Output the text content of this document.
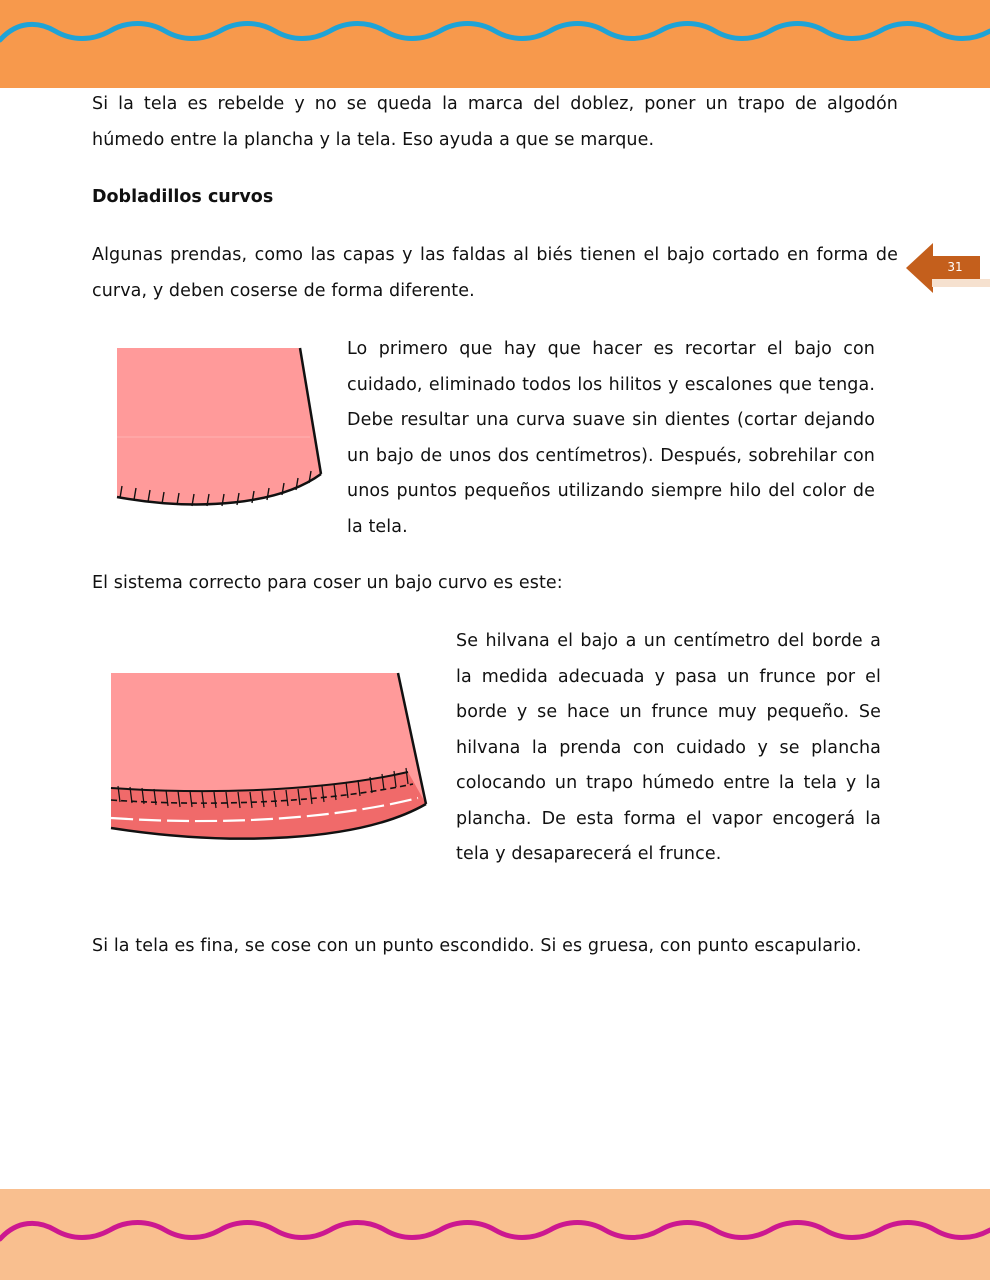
31

Si la tela es rebelde y no se queda la marca del doblez, poner un trapo de algodón húmedo entre la plancha y la tela. Eso ayuda a que se marque.

Dobladillos curvos

Algunas prendas, como las capas y las faldas al biés tienen el bajo cortado en forma de curva, y deben coserse de forma diferente.

Lo primero que hay que hacer es recortar el bajo con cuidado, eliminado todos los hilitos y escalones que tenga. Debe resultar una curva suave sin dientes (cortar dejando un bajo de unos dos centímetros). Después, sobrehilar con unos puntos pequeños utilizando siempre hilo del color de la tela.

El sistema correcto para coser un bajo curvo es este:

Se hilvana el bajo a un centímetro del borde a la medida adecuada y pasa un frunce por el borde y se hace un frunce muy pequeño. Se hilvana la prenda con cuidado y se plancha colocando un trapo húmedo entre la tela y la plancha. De esta forma el vapor encogerá la tela y desaparecerá el frunce.

Si la tela es fina, se cose con un punto escondido. Si es gruesa, con punto escapulario.
